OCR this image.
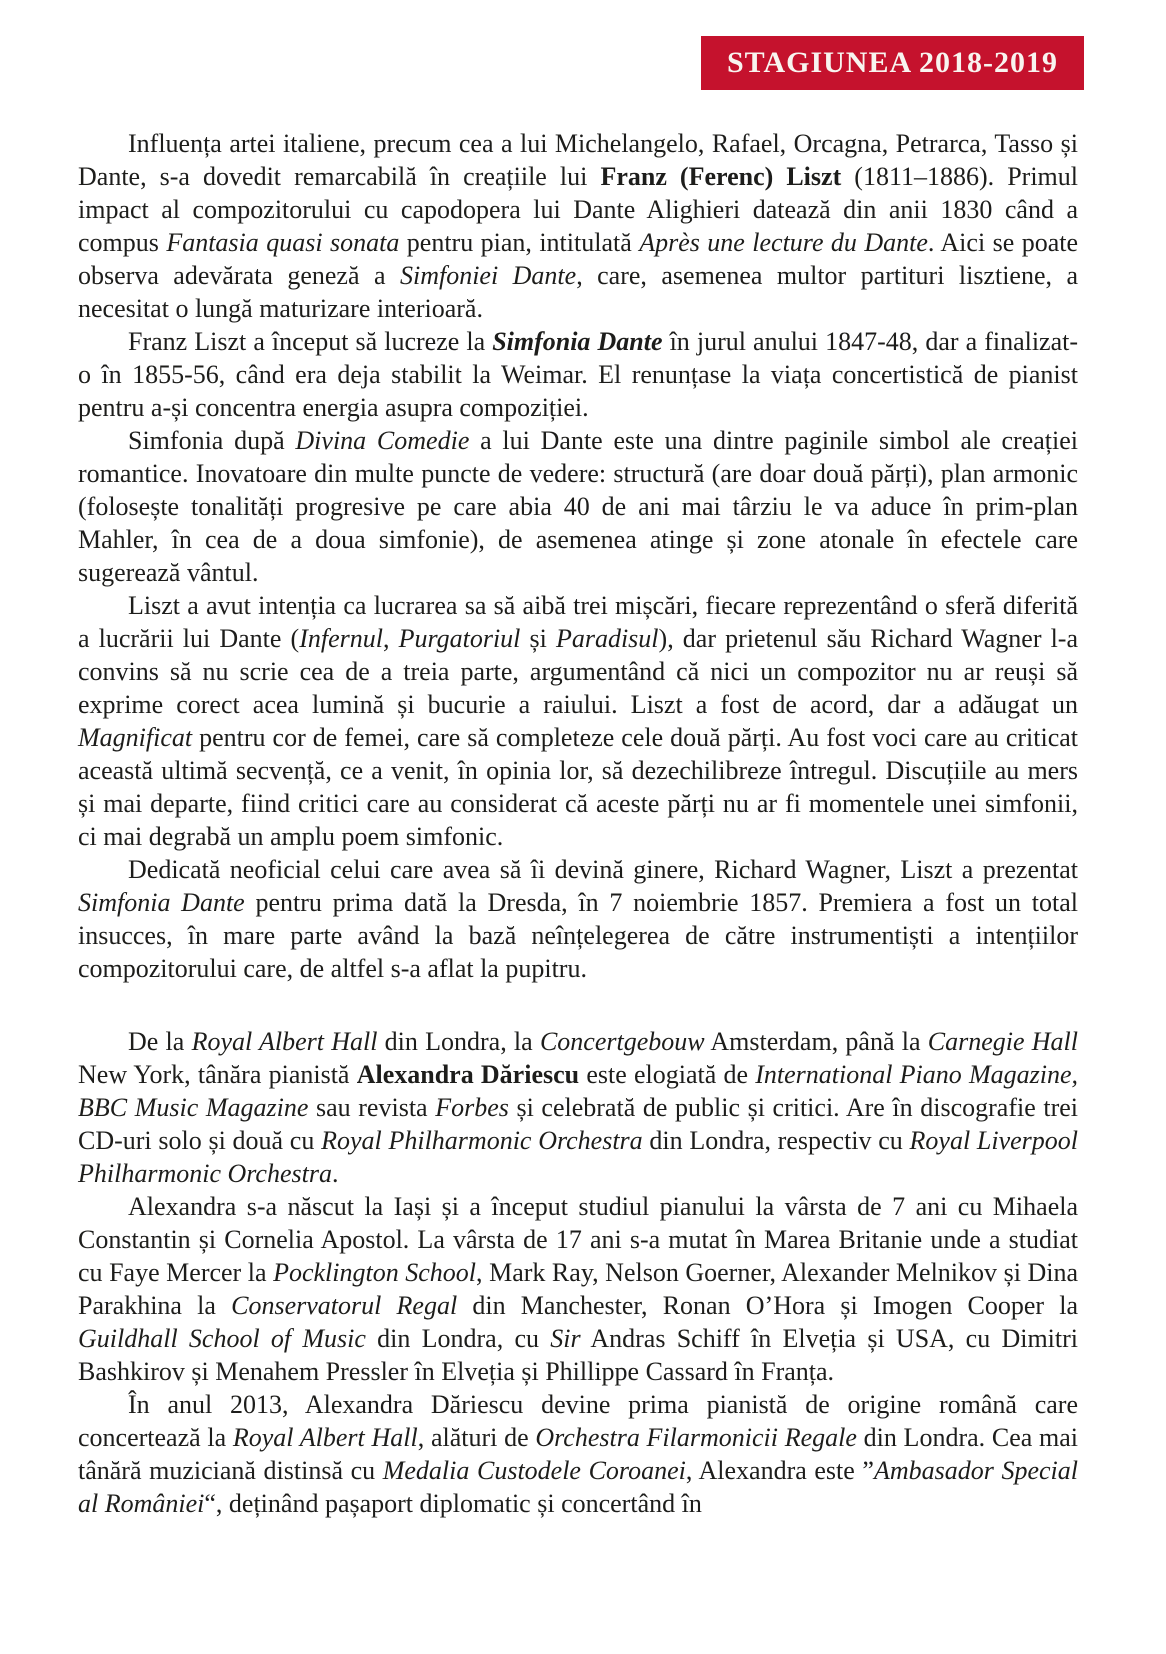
STAGIUNEA 2018-2019

Influența artei italiene, precum cea a lui Michelangelo, Rafael, Orcagna, Petrarca, Tasso și Dante, s-a dovedit remarcabilă în creațiile lui Franz (Ferenc) Liszt (1811–1886). Primul impact al compozitorului cu capodopera lui Dante Alighieri datează din anii 1830 când a compus Fantasia quasi sonata pentru pian, intitulată Après une lecture du Dante. Aici se poate observa adevărata geneză a Simfoniei Dante, care, asemenea multor partituri lisztiene, a necesitat o lungă maturizare interioară.

Franz Liszt a început să lucreze la Simfonia Dante în jurul anului 1847-48, dar a finalizat-o în 1855-56, când era deja stabilit la Weimar. El renunțase la viața concertistică de pianist pentru a-și concentra energia asupra compoziției.

Simfonia după Divina Comedie a lui Dante este una dintre paginile simbol ale creației romantice. Inovatoare din multe puncte de vedere: structură (are doar două părți), plan armonic (folosește tonalități progresive pe care abia 40 de ani mai târziu le va aduce în prim-plan Mahler, în cea de a doua simfonie), de asemenea atinge și zone atonale în efectele care sugerează vântul.

Liszt a avut intenția ca lucrarea sa să aibă trei mișcări, fiecare reprezentând o sferă diferită a lucrării lui Dante (Infernul, Purgatoriul și Paradisul), dar prietenul său Richard Wagner l-a convins să nu scrie cea de a treia parte, argumentând că nici un compozitor nu ar reuși să exprime corect acea lumină și bucurie a raiului. Liszt a fost de acord, dar a adăugat un Magnificat pentru cor de femei, care să completeze cele două părți. Au fost voci care au criticat această ultimă secvență, ce a venit, în opinia lor, să dezechilibreze întregul. Discuțiile au mers și mai departe, fiind critici care au considerat că aceste părți nu ar fi momentele unei simfonii, ci mai degrabă un amplu poem simfonic.

Dedicată neoficial celui care avea să îi devină ginere, Richard Wagner, Liszt a prezentat Simfonia Dante pentru prima dată la Dresda, în 7 noiembrie 1857. Premiera a fost un total insucces, în mare parte având la bază neînțelegerea de către instrumentiști a intențiilor compozitorului care, de altfel s-a aflat la pupitru.

De la Royal Albert Hall din Londra, la Concertgebouw Amsterdam, până la Carnegie Hall New York, tânăra pianistă Alexandra Dăriescu este elogiată de International Piano Magazine, BBC Music Magazine sau revista Forbes și celebrată de public și critici. Are în discografie trei CD-uri solo și două cu Royal Philharmonic Orchestra din Londra, respectiv cu Royal Liverpool Philharmonic Orchestra.

Alexandra s-a născut la Iași și a început studiul pianului la vârsta de 7 ani cu Mihaela Constantin și Cornelia Apostol. La vârsta de 17 ani s-a mutat în Marea Britanie unde a studiat cu Faye Mercer la Pocklington School, Mark Ray, Nelson Goerner, Alexander Melnikov și Dina Parakhina la Conservatorul Regal din Manchester, Ronan O’Hora și Imogen Cooper la Guildhall School of Music din Londra, cu Sir Andras Schiff în Elveția și USA, cu Dimitri Bashkirov și Menahem Pressler în Elveția și Phillippe Cassard în Franța.

În anul 2013, Alexandra Dăriescu devine prima pianistă de origine română care concertează la Royal Albert Hall, alături de Orchestra Filarmonicii Regale din Londra. Cea mai tânără muziciană distinsă cu Medalia Custodele Coroanei, Alexandra este ”Ambasador Special al României“, deținând pașaport diplomatic și concertând în
